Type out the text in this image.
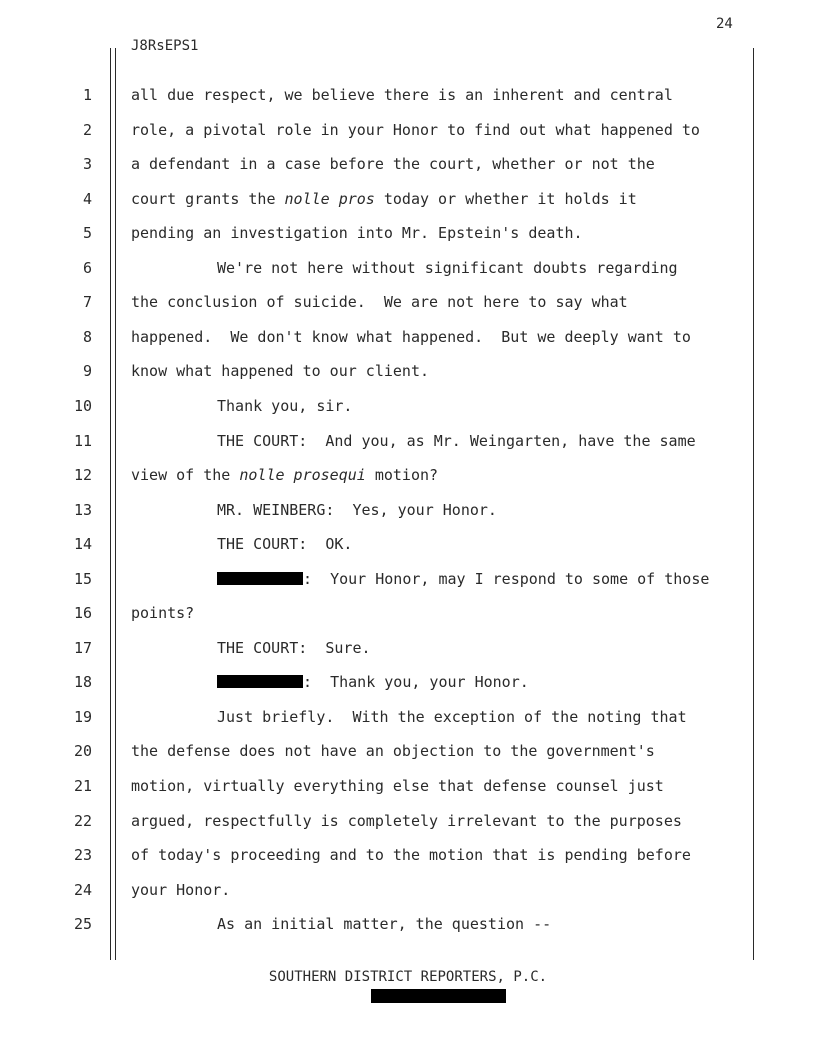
24
J8RsEPS1
1	all due respect, we believe there is an inherent and central
2	role, a pivotal role in your Honor to find out what happened to
3	a defendant in a case before the court, whether or not the
4	court grants the nolle pros today or whether it holds it
5	pending an investigation into Mr. Epstein's death.
6	We're not here without significant doubts regarding
7	the conclusion of suicide.  We are not here to say what
8	happened.  We don't know what happened.  But we deeply want to
9	know what happened to our client.
10	Thank you, sir.
11	THE COURT:  And you, as Mr. Weingarten, have the same
12	view of the nolle prosequi motion?
13	MR. WEINBERG:  Yes, your Honor.
14	THE COURT:  OK.
15	:  Your Honor, may I respond to some of those
16	points?
17	THE COURT:  Sure.
18	:  Thank you, your Honor.
19	Just briefly.  With the exception of the noting that
20	the defense does not have an objection to the government's
21	motion, virtually everything else that defense counsel just
22	argued, respectfully is completely irrelevant to the purposes
23	of today's proceeding and to the motion that is pending before
24	your Honor.
25	As an initial matter, the question --
SOUTHERN DISTRICT REPORTERS, P.C.
